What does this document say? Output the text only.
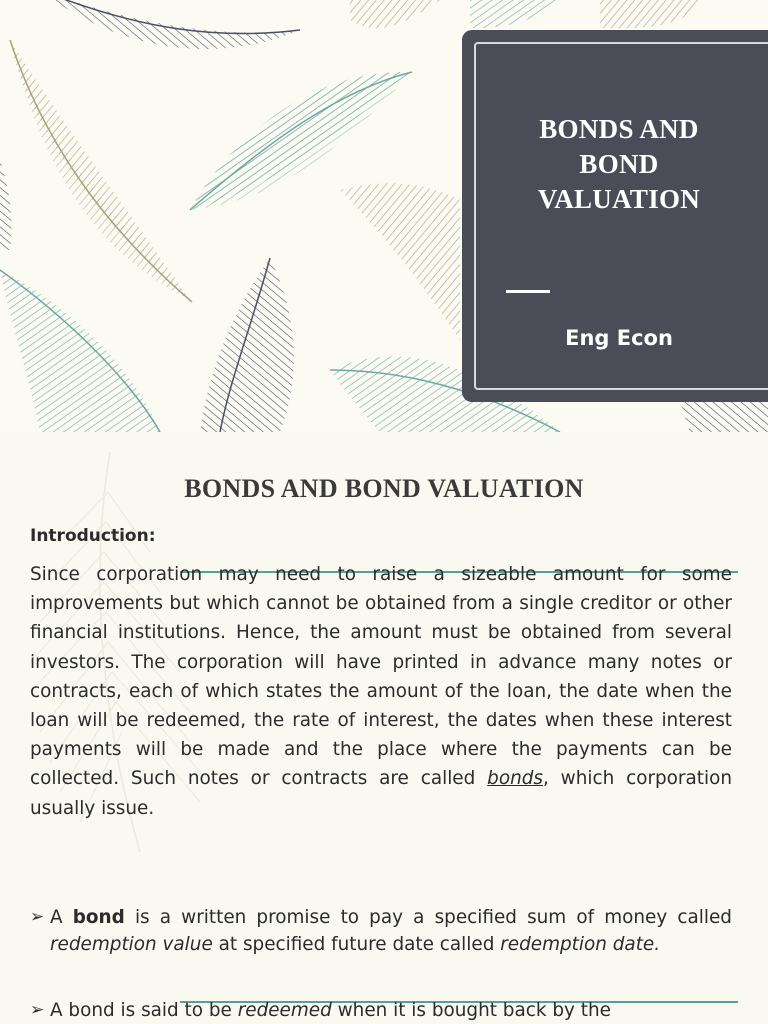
BONDS AND BOND VALUATION
Eng Econ
BONDS AND BOND VALUATION
Introduction:
Since corporation may need to raise a sizeable amount for some improvements but which cannot be obtained from a single creditor or other financial institutions. Hence, the amount must be obtained from several investors. The corporation will have printed in advance many notes or contracts, each of which states the amount of the loan, the date when the loan will be redeemed, the rate of interest, the dates when these interest payments will be made and the place where the payments can be collected. Such notes or contracts are called bonds, which corporation usually issue.
➢ A bond is a written promise to pay a specified sum of money called redemption value at specified future date called redemption date.
➢ A bond is said to be redeemed when it is bought back by the
